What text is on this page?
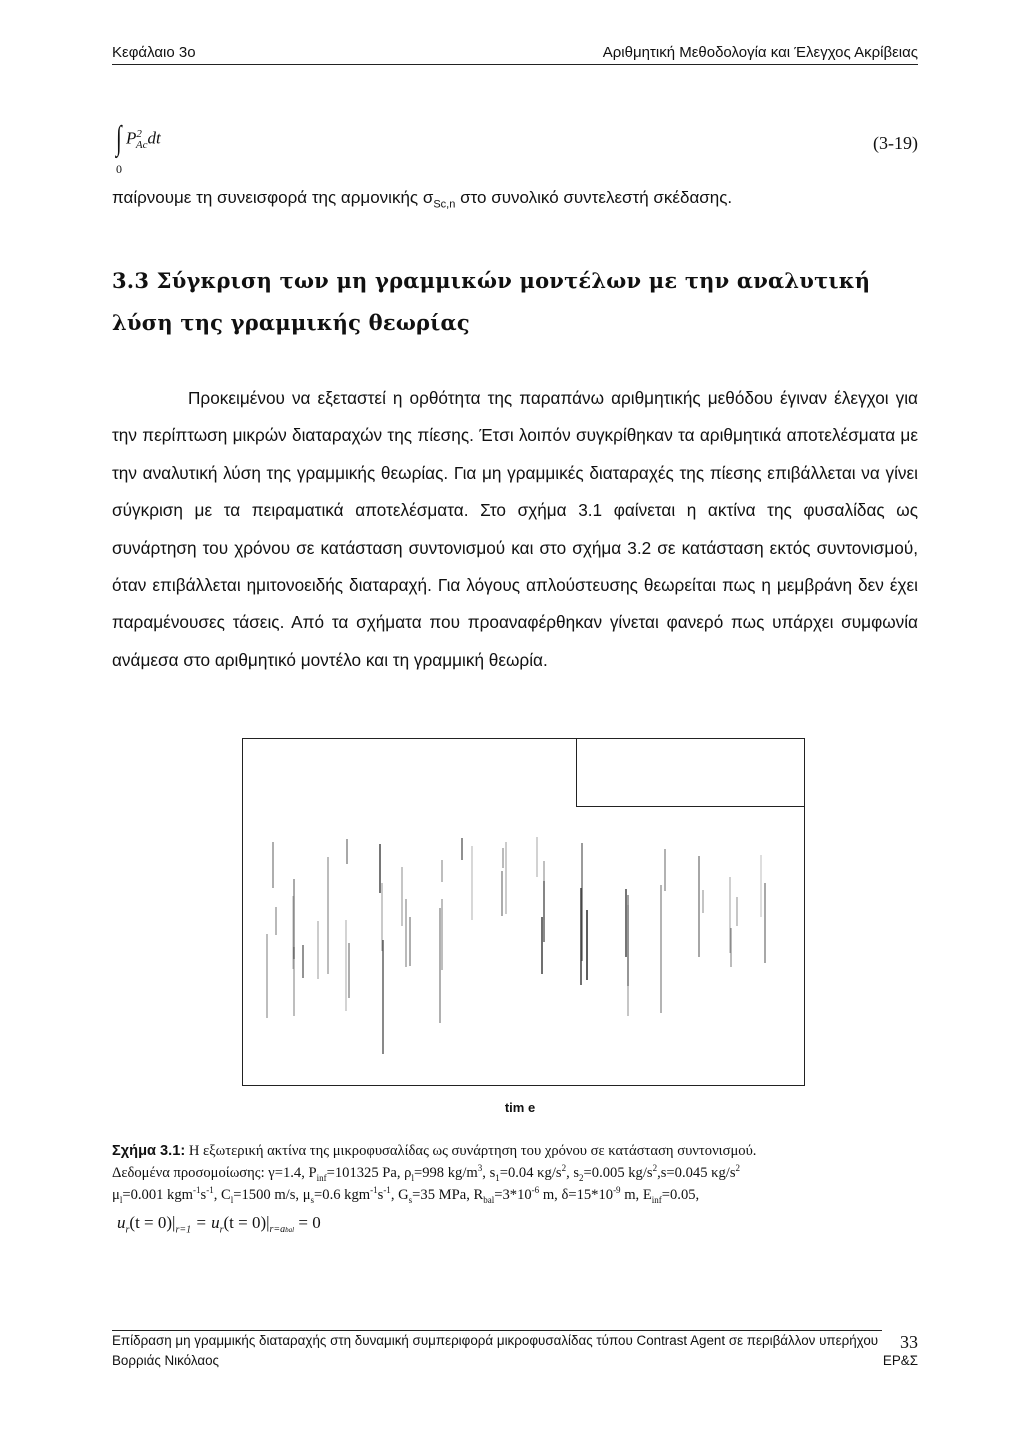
Κεφάλαιο 3ο	Αριθμητική Μεθοδολογία και Έλεγχος Ακρίβειας
∫ $P^2_{Ac}dt$
0
(3-19)
παίρνουμε τη συνεισφορά της αρμονικής $\sigma_{Sc,n}$ στο συνολικό συντελεστή σκέδασης.
3.3 Σύγκριση των μη γραμμικών μοντέλων με την αναλυτική λύση της γραμμικής θεωρίας

Προκειμένου να εξεταστεί η ορθότητα της παραπάνω αριθμητικής μεθόδου έγιναν έλεγχοι για την περίπτωση μικρών διαταραχών της πίεσης. Έτσι λοιπόν συγκρίθηκαν τα αριθμητικά αποτελέσματα με την αναλυτική λύση της γραμμικής θεωρίας. Για μη γραμμικές διαταραχές της πίεσης επιβάλλεται να γίνει σύγκριση με τα πειραματικά αποτελέσματα. Στο σχήμα 3.1 φαίνεται η ακτίνα της φυσαλίδας ως συνάρτηση του χρόνου σε κατάσταση συντονισμού και στο σχήμα 3.2 σε κατάσταση εκτός συντονισμού, όταν επιβάλλεται ημιτονοειδής διαταραχή. Για λόγους απλούστευσης θεωρείται πως η μεμβράνη δεν έχει παραμένουσες τάσεις. Από τα σχήματα που προαναφέρθηκαν γίνεται φανερό πως υπάρχει συμφωνία ανάμεσα στο αριθμητικό μοντέλο και τη γραμμική θεωρία.

tim e
Σχήμα 3.1: Η εξωτερική ακτίνα της μικροφυσαλίδας ως συνάρτηση του χρόνου σε κατάσταση συντονισμού.
Δεδομένα προσομοίωσης: γ=1.4, $P_{inf}=101325$ Pa, $\rho_l=998$ $kg/m^3$, $s_1=0.04$ $\kappa g/s^2$, $s_2=0.005$ $kg/s^2,s=0.045$ $\kappa g/s^2$
$\mu_l=0.001$ $kgm^{-1}s^{-1}$, $C_l=1500$ m/s, $\mu_s=0.6$ $kgm^{-1}s^{-1}$, $G_s=35$ MPa, $R_{bal}=3*10^{-6}$ m, $\delta=15*10^{-9}$ m, $E_{inf}=0.05$,
$u_r(t = 0)|_{r=1} = u_r(t = 0)|_{r=abal} = 0$
Επίδραση μη γραμμικής διαταραχής στη δυναμική συμπεριφορά μικροφυσαλίδας τύπου Contrast Agent σε περιβάλλον υπερήχου
Βορριάς Νικόλαος	ΕΡ&Σ
33
